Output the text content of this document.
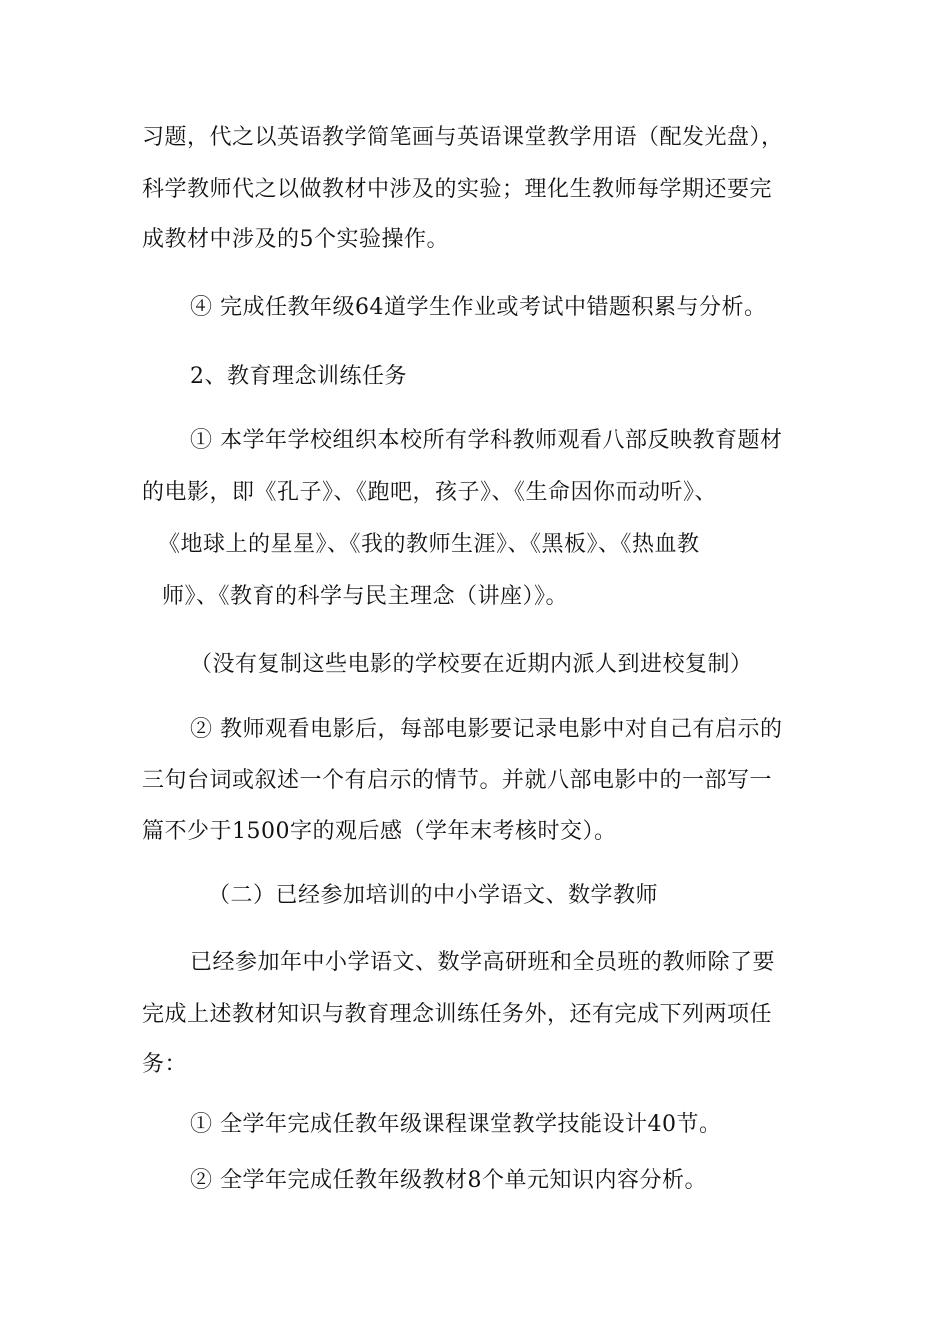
习题，代之以英语教学简笔画与英语课堂教学用语（配发光盘），
科学教师代之以做教材中涉及的实验；理化生教师每学期还要完
成教材中涉及的5个实验操作。
④ 完成任教年级64道学生作业或考试中错题积累与分析。
2、教育理念训练任务
① 本学年学校组织本校所有学科教师观看八部反映教育题材
的电影，即《孔子》、《跑吧，孩子》、《生命因你而动听》、
《地球上的星星》、《我的教师生涯》、《黑板》、《热血教
师》、《教育的科学与民主理念（讲座）》。
（没有复制这些电影的学校要在近期内派人到进校复制）
② 教师观看电影后，每部电影要记录电影中对自己有启示的
三句台词或叙述一个有启示的情节。并就八部电影中的一部写一
篇不少于1500字的观后感（学年末考核时交）。
（二）已经参加培训的中小学语文、数学教师
已经参加年中小学语文、数学高研班和全员班的教师除了要
完成上述教材知识与教育理念训练任务外，还有完成下列两项任
务：
① 全学年完成任教年级课程课堂教学技能设计40节。
② 全学年完成任教年级教材8个单元知识内容分析。
